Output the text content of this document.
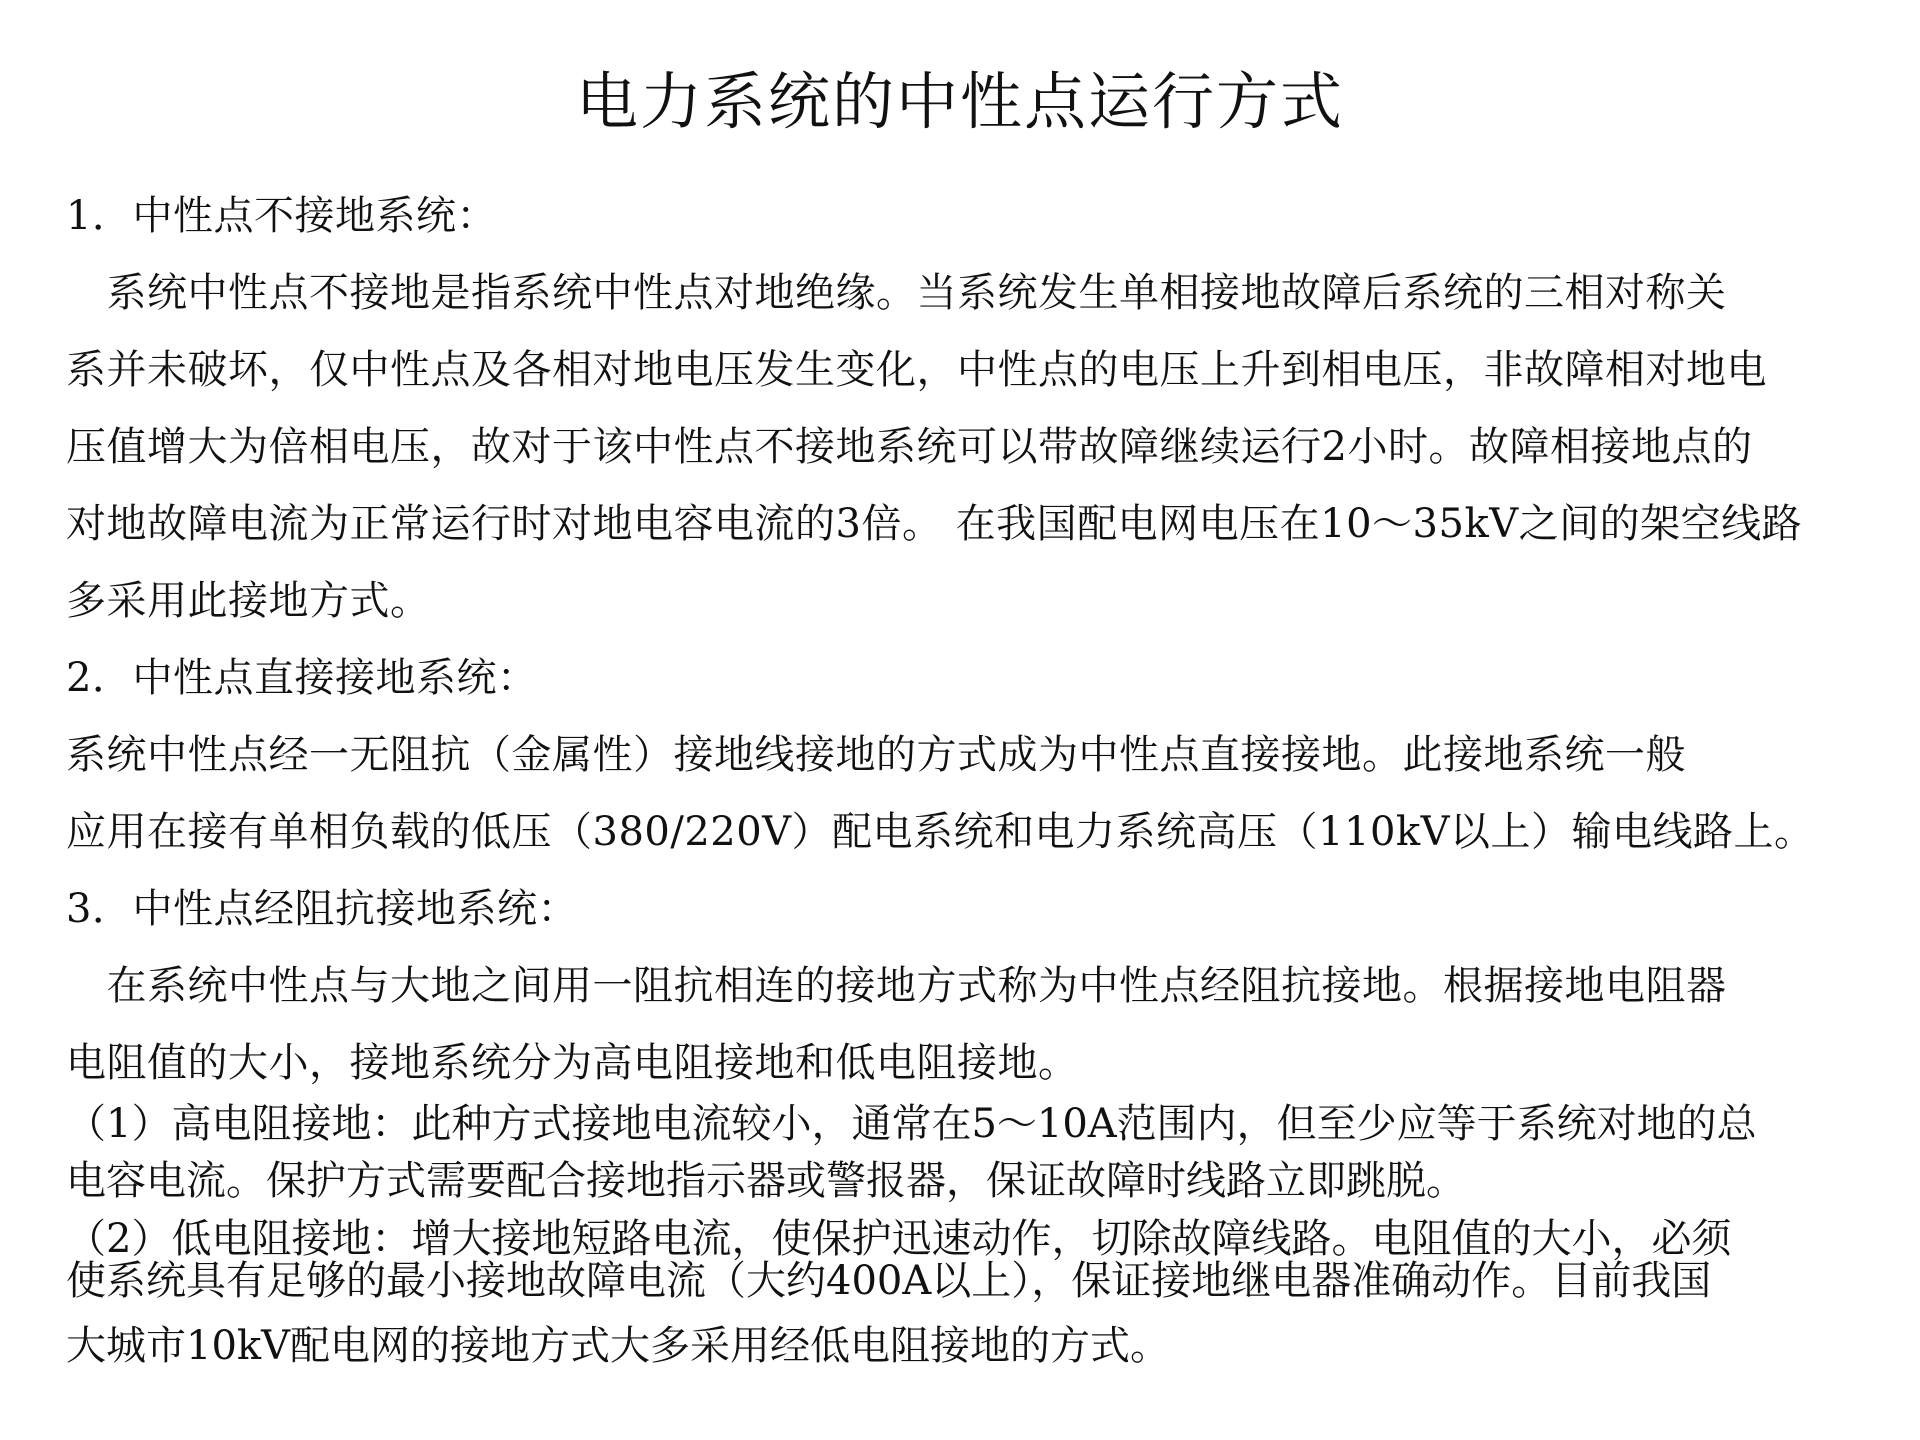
电力系统的中性点运行方式
1．中性点不接地系统：
　系统中性点不接地是指系统中性点对地绝缘。当系统发生单相接地故障后系统的三相对称关
系并未破坏，仅中性点及各相对地电压发生变化，中性点的电压上升到相电压，非故障相对地电
压值增大为倍相电压，故对于该中性点不接地系统可以带故障继续运行2小时。故障相接地点的
对地故障电流为正常运行时对地电容电流的3倍。 在我国配电网电压在10～35kV之间的架空线路
多采用此接地方式。
2．中性点直接接地系统：
系统中性点经一无阻抗（金属性）接地线接地的方式成为中性点直接接地。此接地系统一般
应用在接有单相负载的低压（380/220V）配电系统和电力系统高压（110kV以上）输电线路上。
3．中性点经阻抗接地系统：
　在系统中性点与大地之间用一阻抗相连的接地方式称为中性点经阻抗接地。根据接地电阻器
电阻值的大小，接地系统分为高电阻接地和低电阻接地。
（1）高电阻接地：此种方式接地电流较小，通常在5～10A范围内，但至少应等于系统对地的总
电容电流。保护方式需要配合接地指示器或警报器，保证故障时线路立即跳脱。
（2）低电阻接地：增大接地短路电流，使保护迅速动作，切除故障线路。电阻值的大小，必须
使系统具有足够的最小接地故障电流（大约400A以上），保证接地继电器准确动作。目前我国
大城市10kV配电网的接地方式大多采用经低电阻接地的方式。
